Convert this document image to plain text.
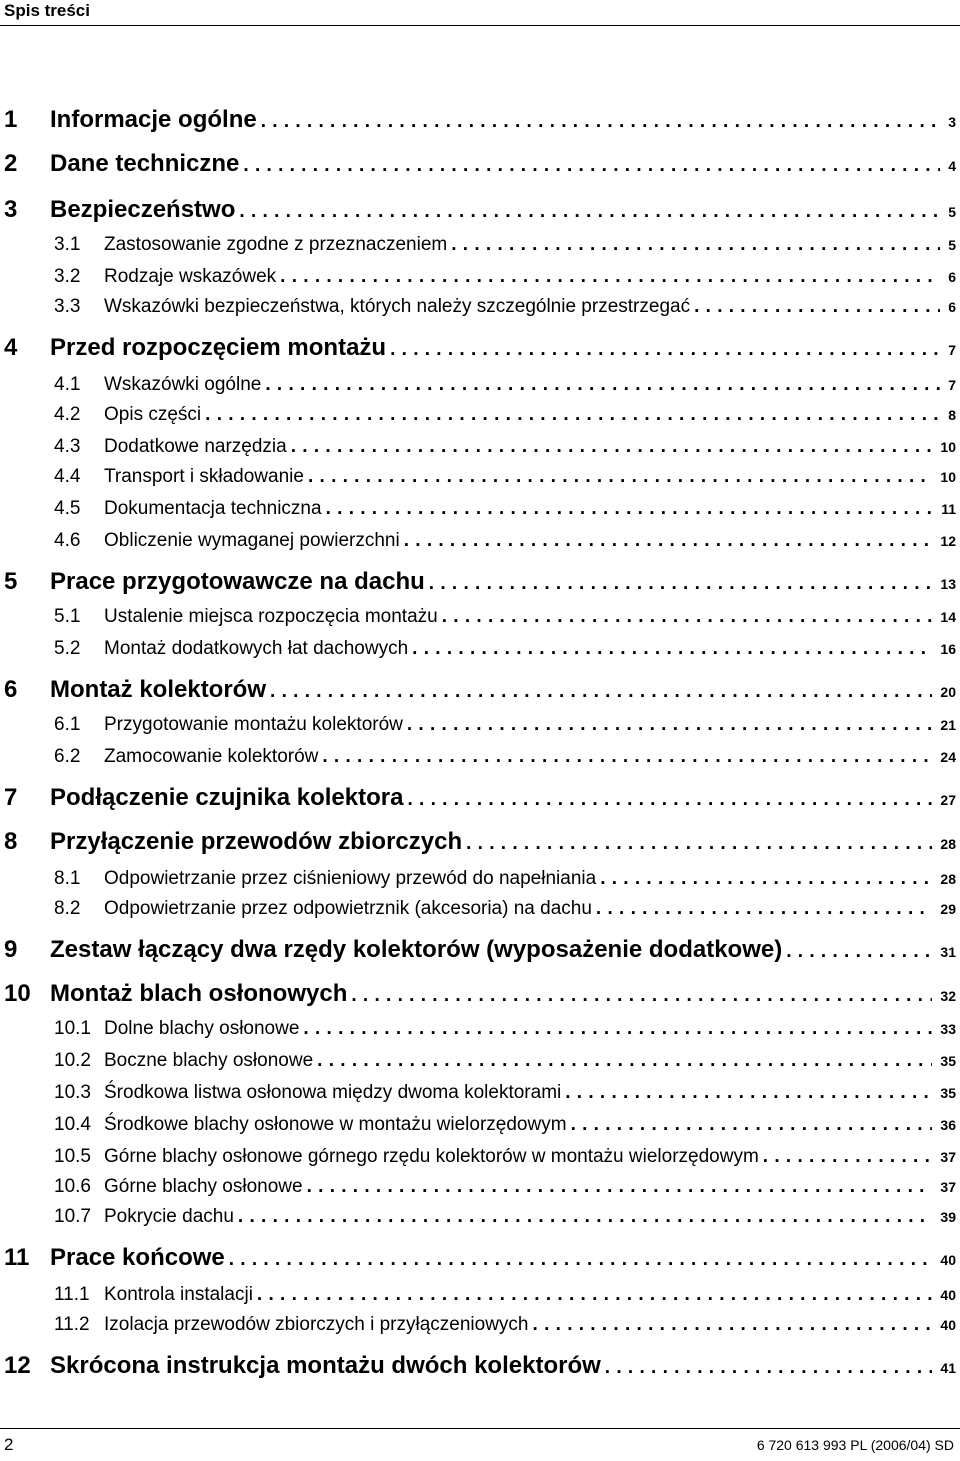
Spis treści
1	Informacje ogólne . . .	3
2	Dane techniczne . . .	4
3	Bezpieczeństwo . . .	5
3.1	Zastosowanie zgodne z przeznaczeniem . . .	5
3.2	Rodzaje wskazówek . . .	6
3.3	Wskazówki bezpieczeństwa, których należy szczególnie przestrzegać . . .	6
4	Przed rozpoczęciem montażu . . .	7
4.1	Wskazówki ogólne . . .	7
4.2	Opis części . . .	8
4.3	Dodatkowe narzędzia . . .	10
4.4	Transport i składowanie . . .	10
4.5	Dokumentacja techniczna . . .	11
4.6	Obliczenie wymaganej powierzchni . . .	12
5	Prace przygotowawcze na dachu . . .	13
5.1	Ustalenie miejsca rozpoczęcia montażu . . .	14
5.2	Montaż dodatkowych łat dachowych . . .	16
6	Montaż kolektorów . . .	20
6.1	Przygotowanie montażu kolektorów . . .	21
6.2	Zamocowanie kolektorów . . .	24
7	Podłączenie czujnika kolektora . . .	27
8	Przyłączenie przewodów zbiorczych . . .	28
8.1	Odpowietrzanie przez ciśnieniowy przewód do napełniania . . .	28
8.2	Odpowietrzanie przez odpowietrznik (akcesoria) na dachu . . .	29
9	Zestaw łączący dwa rzędy kolektorów (wyposażenie dodatkowe) . . .	31
10 Montaż blach osłonowych . . .	32
10.1 Dolne blachy osłonowe . . .	33
10.2 Boczne blachy osłonowe . . .	35
10.3 Środkowa listwa osłonowa między dwoma kolektorami . . .	35
10.4 Środkowe blachy osłonowe w montażu wielorzędowym . . .	36
10.5 Górne blachy osłonowe górnego rzędu kolektorów w montażu wielorzędowym . . .	37
10.6 Górne blachy osłonowe . . .	37
10.7 Pokrycie dachu . . .	39
11 Prace końcowe . . .	40
11.1 Kontrola instalacji . . .	40
11.2 Izolacja przewodów zbiorczych i przyłączeniowych . . .	40
12 Skrócona instrukcja montażu dwóch kolektorów . . .	41
2	6 720 613 993 PL (2006/04) SD
